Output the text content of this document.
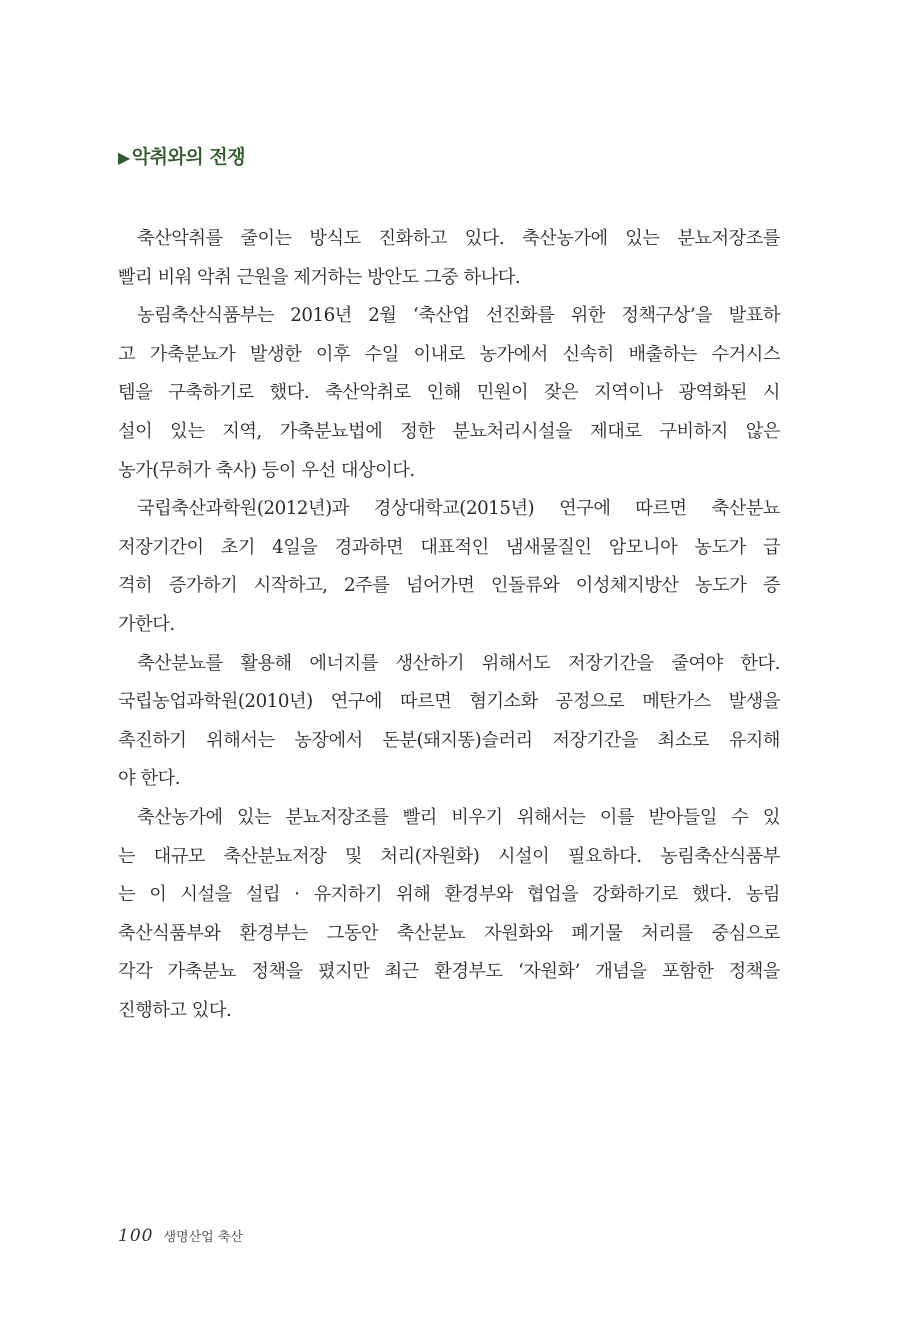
▶ 악취와의 전쟁
축산악취를 줄이는 방식도 진화하고 있다. 축산농가에 있는 분뇨저장조를
빨리 비워 악취 근원을 제거하는 방안도 그중 하나다.
농림축산식품부는 2016년 2월 ‘축산업 선진화를 위한 정책구상’을 발표하
고 가축분뇨가 발생한 이후 수일 이내로 농가에서 신속히 배출하는 수거시스
템을 구축하기로 했다. 축산악취로 인해 민원이 잦은 지역이나 광역화된 시
설이 있는 지역, 가축분뇨법에 정한 분뇨처리시설을 제대로 구비하지 않은
농가(무허가 축사) 등이 우선 대상이다.
국립축산과학원(2012년)과 경상대학교(2015년) 연구에 따르면 축산분뇨
저장기간이 초기 4일을 경과하면 대표적인 냄새물질인 암모니아 농도가 급
격히 증가하기 시작하고, 2주를 넘어가면 인돌류와 이성체지방산 농도가 증
가한다.
축산분뇨를 활용해 에너지를 생산하기 위해서도 저장기간을 줄여야 한다.
국립농업과학원(2010년) 연구에 따르면 혐기소화 공정으로 메탄가스 발생을
촉진하기 위해서는 농장에서 돈분(돼지똥)슬러리 저장기간을 최소로 유지해
야 한다.
축산농가에 있는 분뇨저장조를 빨리 비우기 위해서는 이를 받아들일 수 있
는 대규모 축산분뇨저장 및 처리(자원화) 시설이 필요하다. 농림축산식품부
는 이 시설을 설립 · 유지하기 위해 환경부와 협업을 강화하기로 했다. 농림
축산식품부와 환경부는 그동안 축산분뇨 자원화와 폐기물 처리를 중심으로
각각 가축분뇨 정책을 폈지만 최근 환경부도 ‘자원화’ 개념을 포함한 정책을
진행하고 있다.
100 생명산업 축산
